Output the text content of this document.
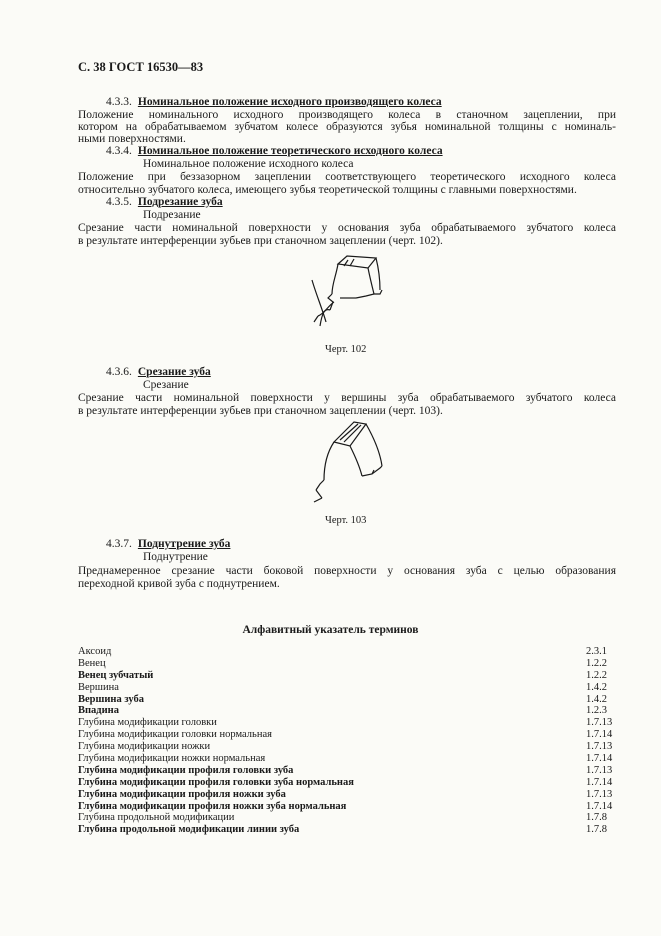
С. 38 ГОСТ 16530—83
4.3.3. Номинальное положение исходного производящего колеса
Положение номинального исходного производящего колеса в станочном зацеплении, при
котором на обрабатываемом зубчатом колесе образуются зубья номинальной толщины с номиналь-
ными поверхностями.
4.3.4. Номинальное положение теоретического исходного колеса
Номинальное положение исходного колеса
Положение при беззазорном зацеплении соответствующего теоретического исходного колеса
относительно зубчатого колеса, имеющего зубья теоретической толщины с главными поверхностями.
4.3.5. Подрезание зуба
Подрезание
Срезание части номинальной поверхности у основания зуба обрабатываемого зубчатого колеса
в результате интерференции зубьев при станочном зацеплении (черт. 102).
Черт. 102
4.3.6. Срезание зуба
Срезание
Срезание части номинальной поверхности у вершины зуба обрабатываемого зубчатого колеса
в результате интерференции зубьев при станочном зацеплении (черт. 103).
Черт. 103
4.3.7. Поднутрение зуба
Поднутрение
Преднамеренное срезание части боковой поверхности у основания зуба с целью образования
переходной кривой зуба с поднутрением.
Алфавитный указатель терминов
Аксоид	2.3.1
Венец	1.2.2
Венец зубчатый	1.2.2
Вершина	1.4.2
Вершина зуба	1.4.2
Впадина	1.2.3
Глубина модификации головки	1.7.13
Глубина модификации головки нормальная	1.7.14
Глубина модификации ножки	1.7.13
Глубина модификации ножки нормальная	1.7.14
Глубина модификации профиля головки зуба	1.7.13
Глубина модификации профиля головки зуба нормальная	1.7.14
Глубина модификации профиля ножки зуба	1.7.13
Глубина модификации профиля ножки зуба нормальная	1.7.14
Глубина продольной модификации	1.7.8
Глубина продольной модификации линии зуба	1.7.8
